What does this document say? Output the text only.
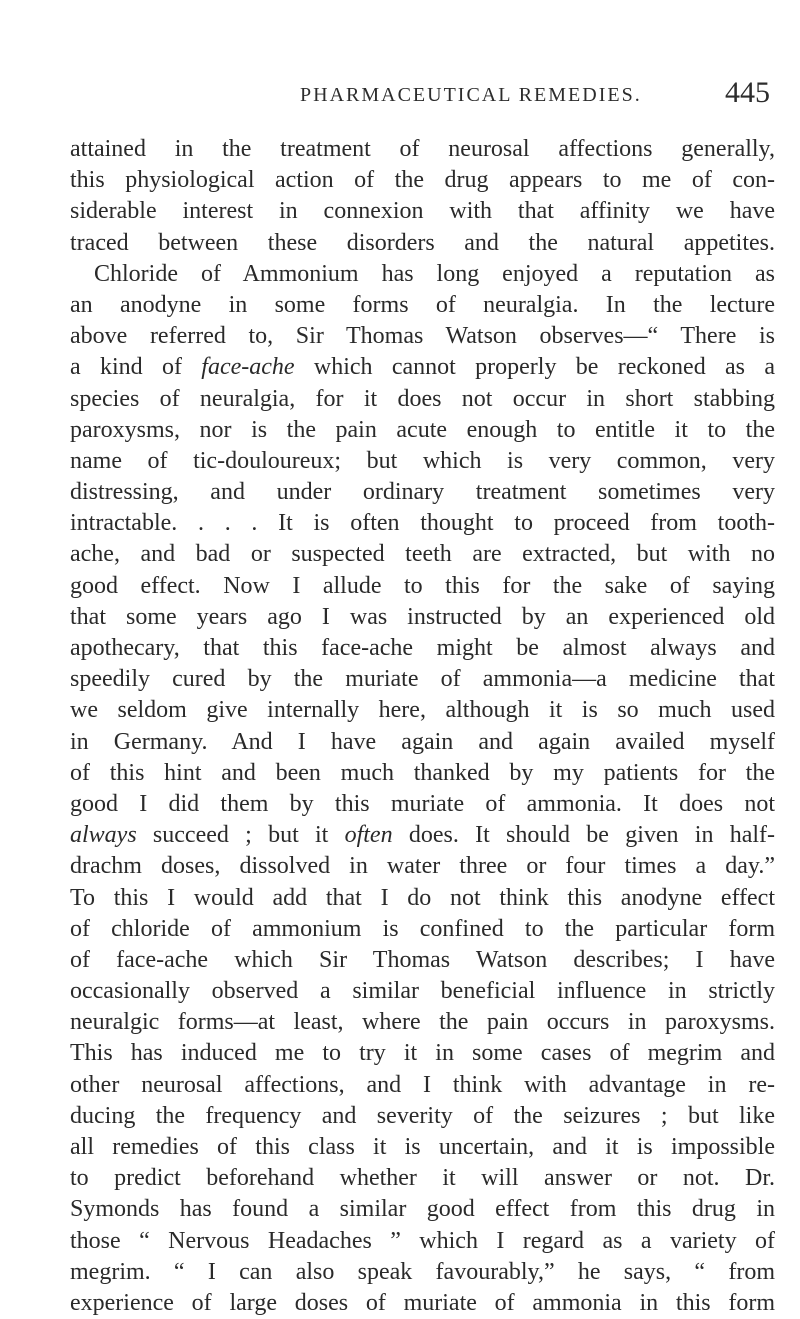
PHARMACEUTICAL REMEDIES.	445
attained in the treatment of neurosal affections generally,
this physiological action of the drug appears to me of con-
siderable interest in connexion with that affinity we have
traced between these disorders and the natural appetites.
Chloride of Ammonium has long enjoyed a reputation as
an anodyne in some forms of neuralgia. In the lecture
above referred to, Sir Thomas Watson observes—“ There is
a kind of face-ache which cannot properly be reckoned as a
species of neuralgia, for it does not occur in short stabbing
paroxysms, nor is the pain acute enough to entitle it to the
name of tic-douloureux; but which is very common, very
distressing, and under ordinary treatment sometimes very
intractable. . . . It is often thought to proceed from tooth-
ache, and bad or suspected teeth are extracted, but with no
good effect. Now I allude to this for the sake of saying
that some years ago I was instructed by an experienced old
apothecary, that this face-ache might be almost always and
speedily cured by the muriate of ammonia—a medicine that
we seldom give internally here, although it is so much used
in Germany. And I have again and again availed myself
of this hint and been much thanked by my patients for the
good I did them by this muriate of ammonia. It does not
always succeed ; but it often does. It should be given in half-
drachm doses, dissolved in water three or four times a day.”
To this I would add that I do not think this anodyne effect
of chloride of ammonium is confined to the particular form
of face-ache which Sir Thomas Watson describes; I have
occasionally observed a similar beneficial influence in strictly
neuralgic forms—at least, where the pain occurs in paroxysms.
This has induced me to try it in some cases of megrim and
other neurosal affections, and I think with advantage in re-
ducing the frequency and severity of the seizures ; but like
all remedies of this class it is uncertain, and it is impossible
to predict beforehand whether it will answer or not. Dr.
Symonds has found a similar good effect from this drug in
those “ Nervous Headaches ” which I regard as a variety of
megrim. “ I can also speak favourably,” he says, “ from
experience of large doses of muriate of ammonia in this form
